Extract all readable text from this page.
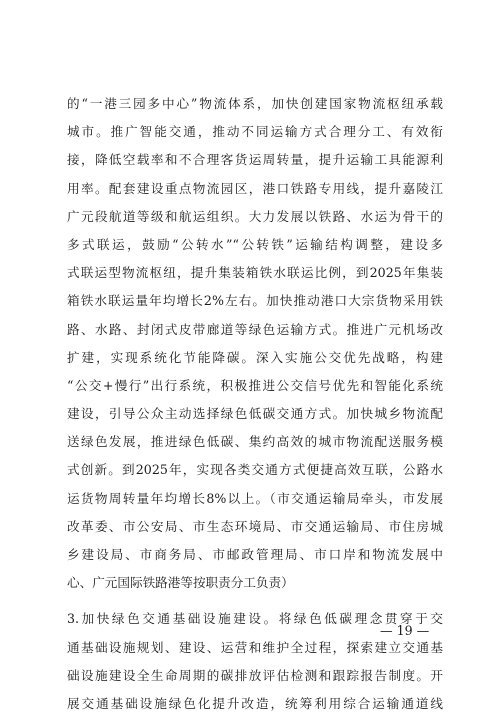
的“一港三园多中心”物流体系，加快创建国家物流枢纽承载
城市。推广智能交通，推动不同运输方式合理分工、有效衔
接，降低空载率和不合理客货运周转量，提升运输工具能源利
用率。配套建设重点物流园区，港口铁路专用线，提升嘉陵江
广元段航道等级和航运组织。大力发展以铁路、水运为骨干的
多式联运，鼓励“公转水”“公转铁”运输结构调整，建设多
式联运型物流枢纽，提升集装箱铁水联运比例，到2025年集装
箱铁水联运量年均增长2%左右。加快推动港口大宗货物采用铁
路、水路、封闭式皮带廊道等绿色运输方式。推进广元机场改
扩建，实现系统化节能降碳。深入实施公交优先战略，构建
“公交+慢行”出行系统，积极推进公交信号优先和智能化系统
建设，引导公众主动选择绿色低碳交通方式。加快城乡物流配
送绿色发展，推进绿色低碳、集约高效的城市物流配送服务模
式创新。到2025年，实现各类交通方式便捷高效互联，公路水
运货物周转量年均增长8%以上。（市交通运输局牵头，市发展
改革委、市公安局、市生态环境局、市交通运输局、市住房城
乡建设局、市商务局、市邮政管理局、市口岸和物流发展中
心、广元国际铁路港等按职责分工负责）
3.加快绿色交通基础设施建设。将绿色低碳理念贯穿于交
通基础设施规划、建设、运营和维护全过程，探索建立交通基
础设施建设全生命周期的碳排放评估检测和跟踪报告制度。开
展交通基础设施绿色化提升改造，统筹利用综合运输通道线
— 19 —
